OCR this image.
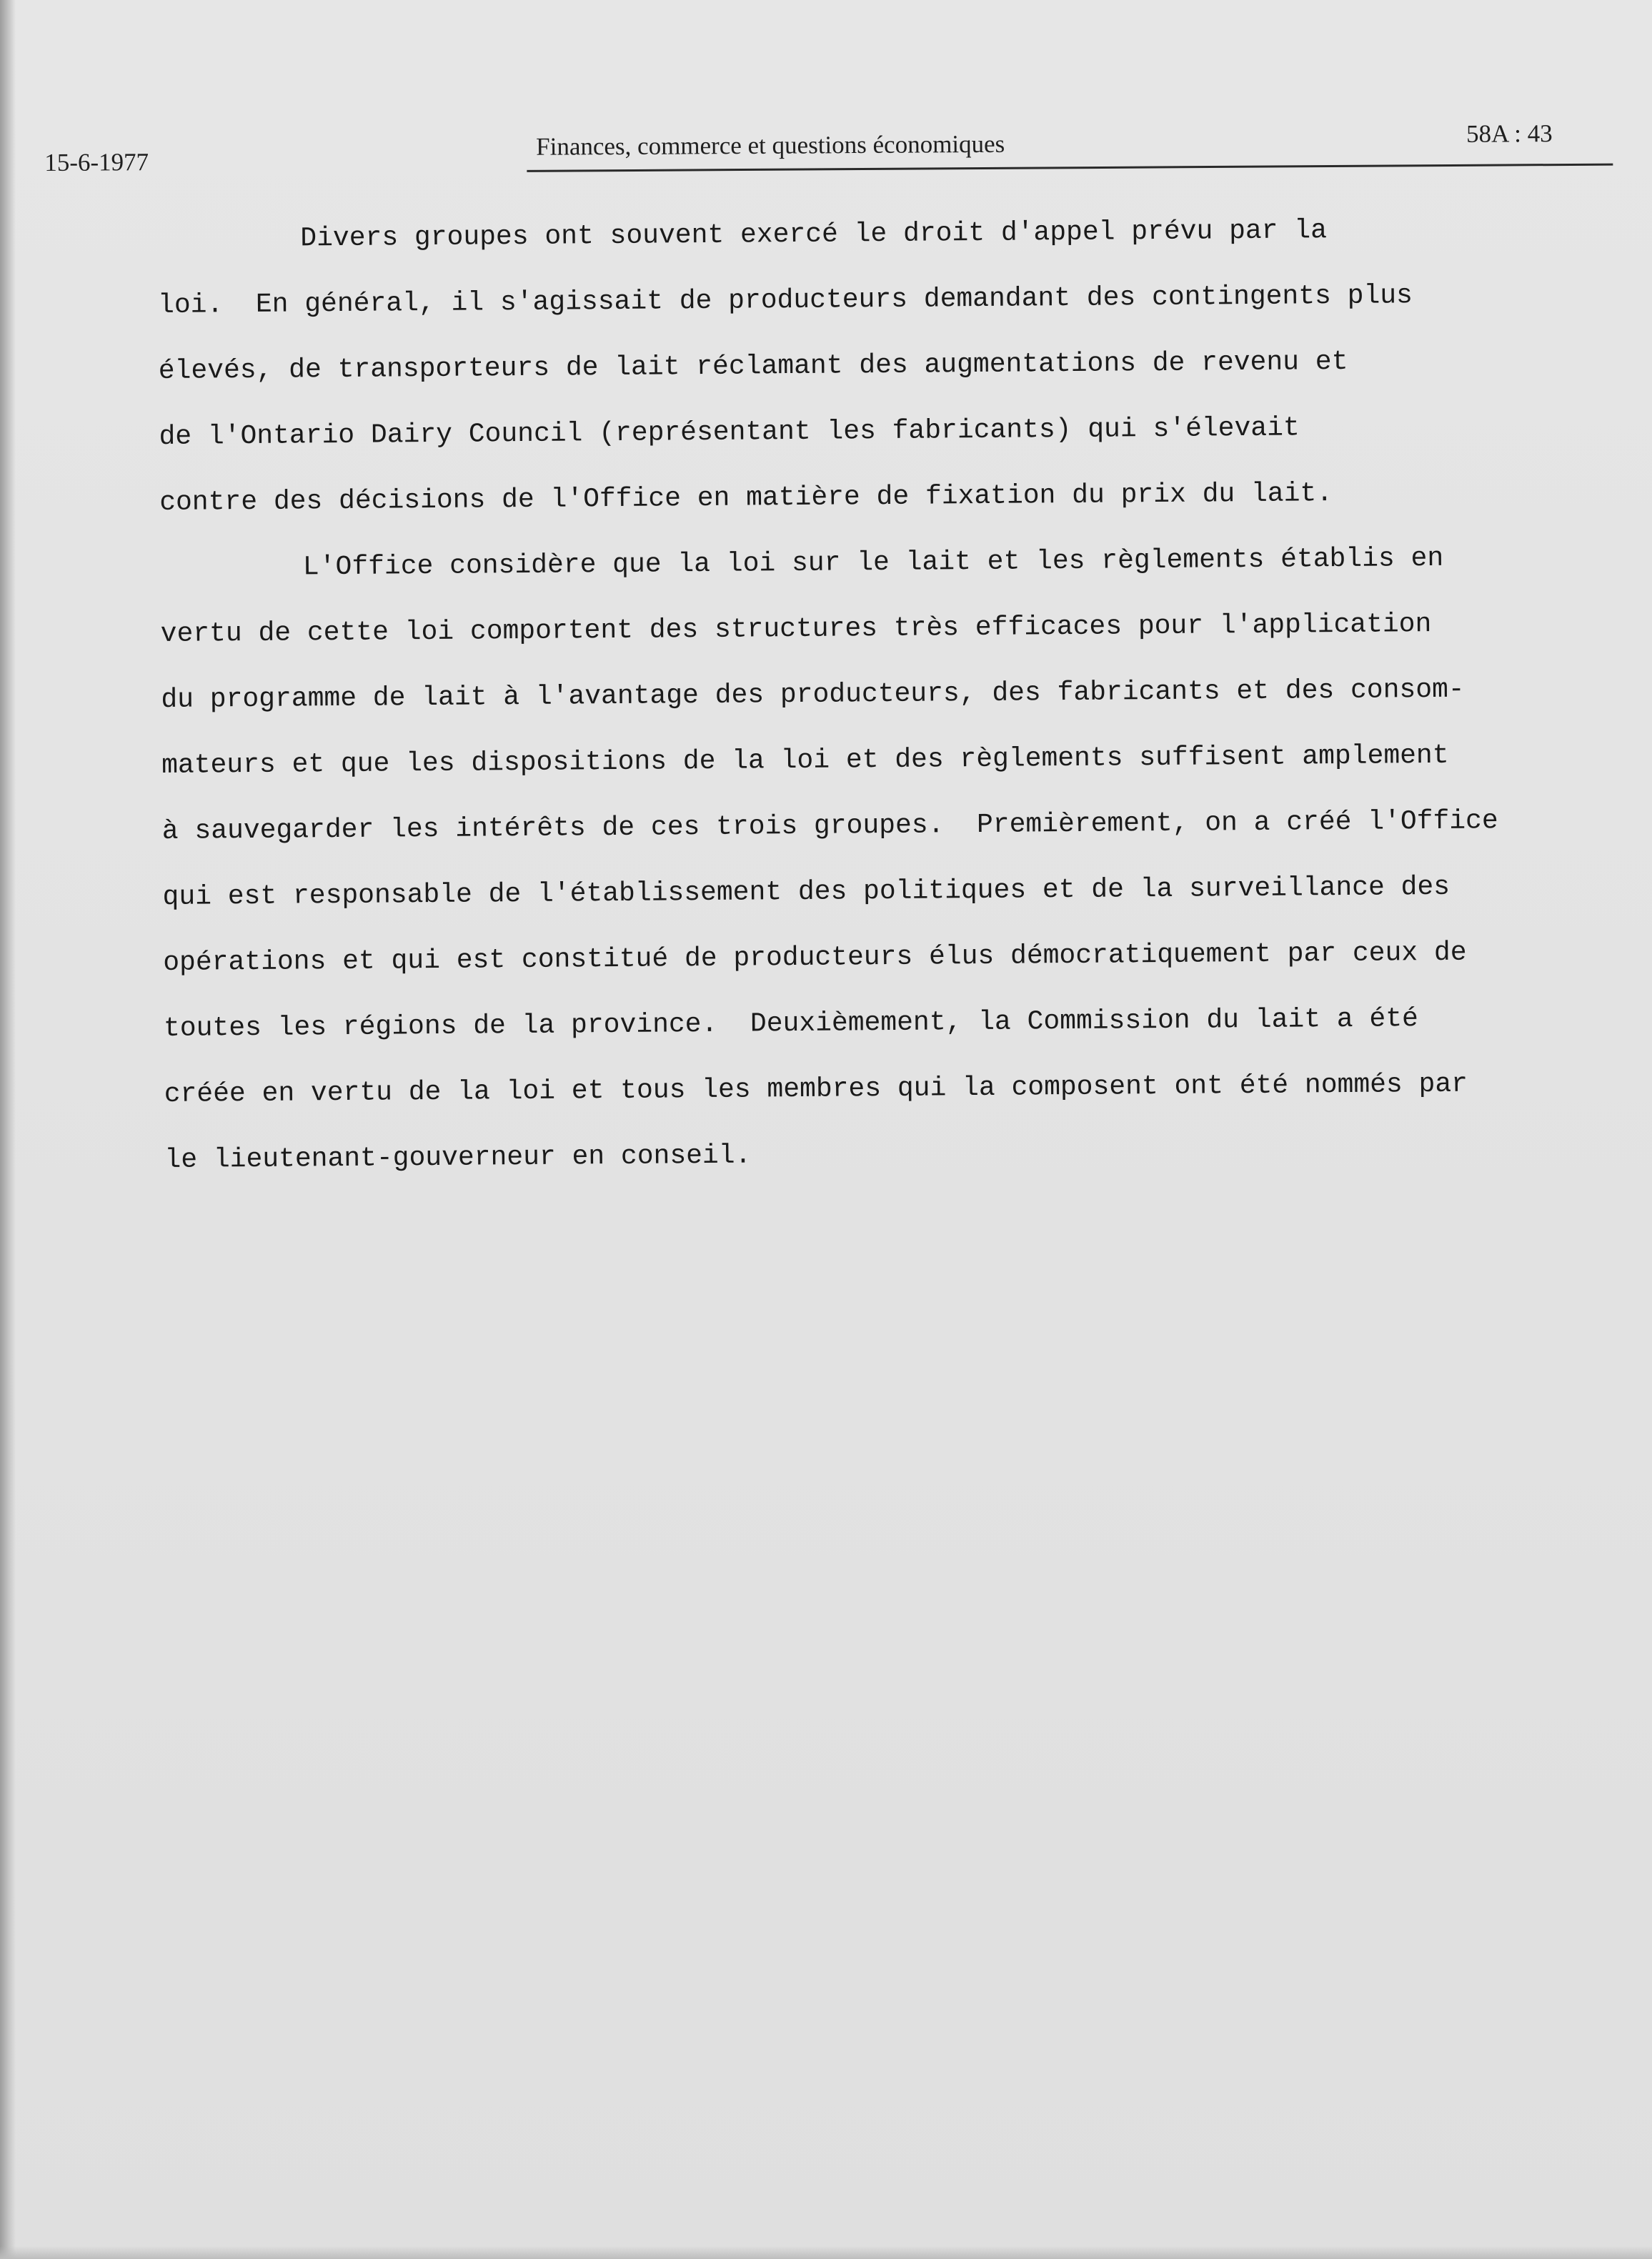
15-6-1977
Finances, commerce et questions économiques	58A : 43
Divers groupes ont souvent exercé le droit d'appel prévu par la
loi.  En général, il s'agissait de producteurs demandant des contingents plus
élevés, de transporteurs de lait réclamant des augmentations de revenu et
de l'Ontario Dairy Council (représentant les fabricants) qui s'élevait
contre des décisions de l'Office en matière de fixation du prix du lait.
L'Office considère que la loi sur le lait et les règlements établis en
vertu de cette loi comportent des structures très efficaces pour l'application
du programme de lait à l'avantage des producteurs, des fabricants et des consom-
mateurs et que les dispositions de la loi et des règlements suffisent amplement
à sauvegarder les intérêts de ces trois groupes.  Premièrement, on a créé l'Office
qui est responsable de l'établissement des politiques et de la surveillance des
opérations et qui est constitué de producteurs élus démocratiquement par ceux de
toutes les régions de la province.  Deuxièmement, la Commission du lait a été
créée en vertu de la loi et tous les membres qui la composent ont été nommés par
le lieutenant-gouverneur en conseil.
